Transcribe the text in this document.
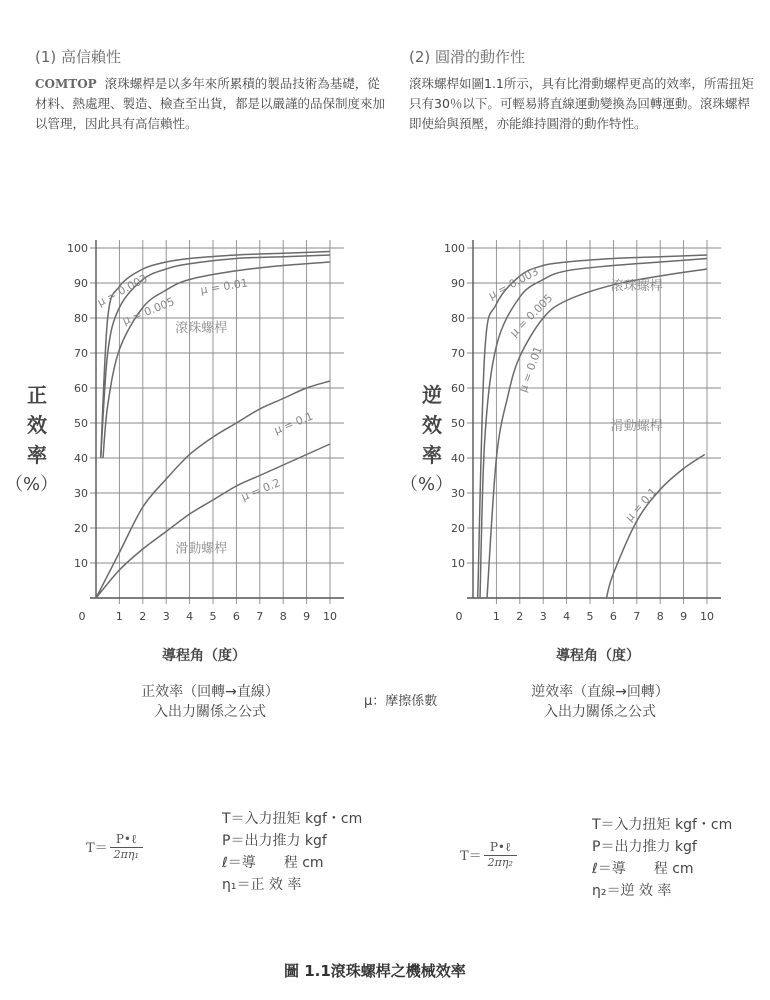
(1) 高信賴性
COMTOP 滾珠螺桿是以多年來所累積的製品技術為基礎，從材料、熱處理、製造、檢查至出貨，都是以嚴謹的品保制度來加以管理，因此具有高信賴性。
(2) 圓滑的動作性
滾珠螺桿如圖1.1所示，具有比滑動螺桿更高的效率，所需扭矩只有30％以下。可輕易將直線運動變換為回轉運動。滾珠螺桿即使給與預壓，亦能維持圓滑的動作特性。
正
效
率
（%）
逆
效
率
（%）
10
20
30
40
50
60
70
80
90
100
0	1 2 3 4 5 6 7 8 9 10
μ = 0.003
μ = 0.005
μ = 0.01
μ = 0.1
μ = 0.2
滾珠螺桿
滑動螺桿
10
20
30
40
50
60
70
80
90
100
0	1 2 3 4 5 6 7 8 9 10
μ = 0.003
μ = 0.005
μ = 0.01
μ = 0.1
滾珠螺桿
滑動螺桿
導程角（度）	導程角（度）
正效率（回轉→直線）
入出力關係之公式
μ：摩擦係數
逆效率（直線→回轉）
入出力關係之公式
$T= \frac{\text{P•ℓ}}{\text{2πη₁}}$
T＝入力扭矩 kgf・cm
P＝出力推力 kgf
ℓ＝導　　程 cm
η₁＝正 效 率
$T= \frac{\text{P•ℓ}}{\text{2πη₂}}$
T＝入力扭矩 kgf・cm
P＝出力推力 kgf
ℓ＝導　　程 cm
η₂＝逆 效 率
圖 1.1滾珠螺桿之機械效率
